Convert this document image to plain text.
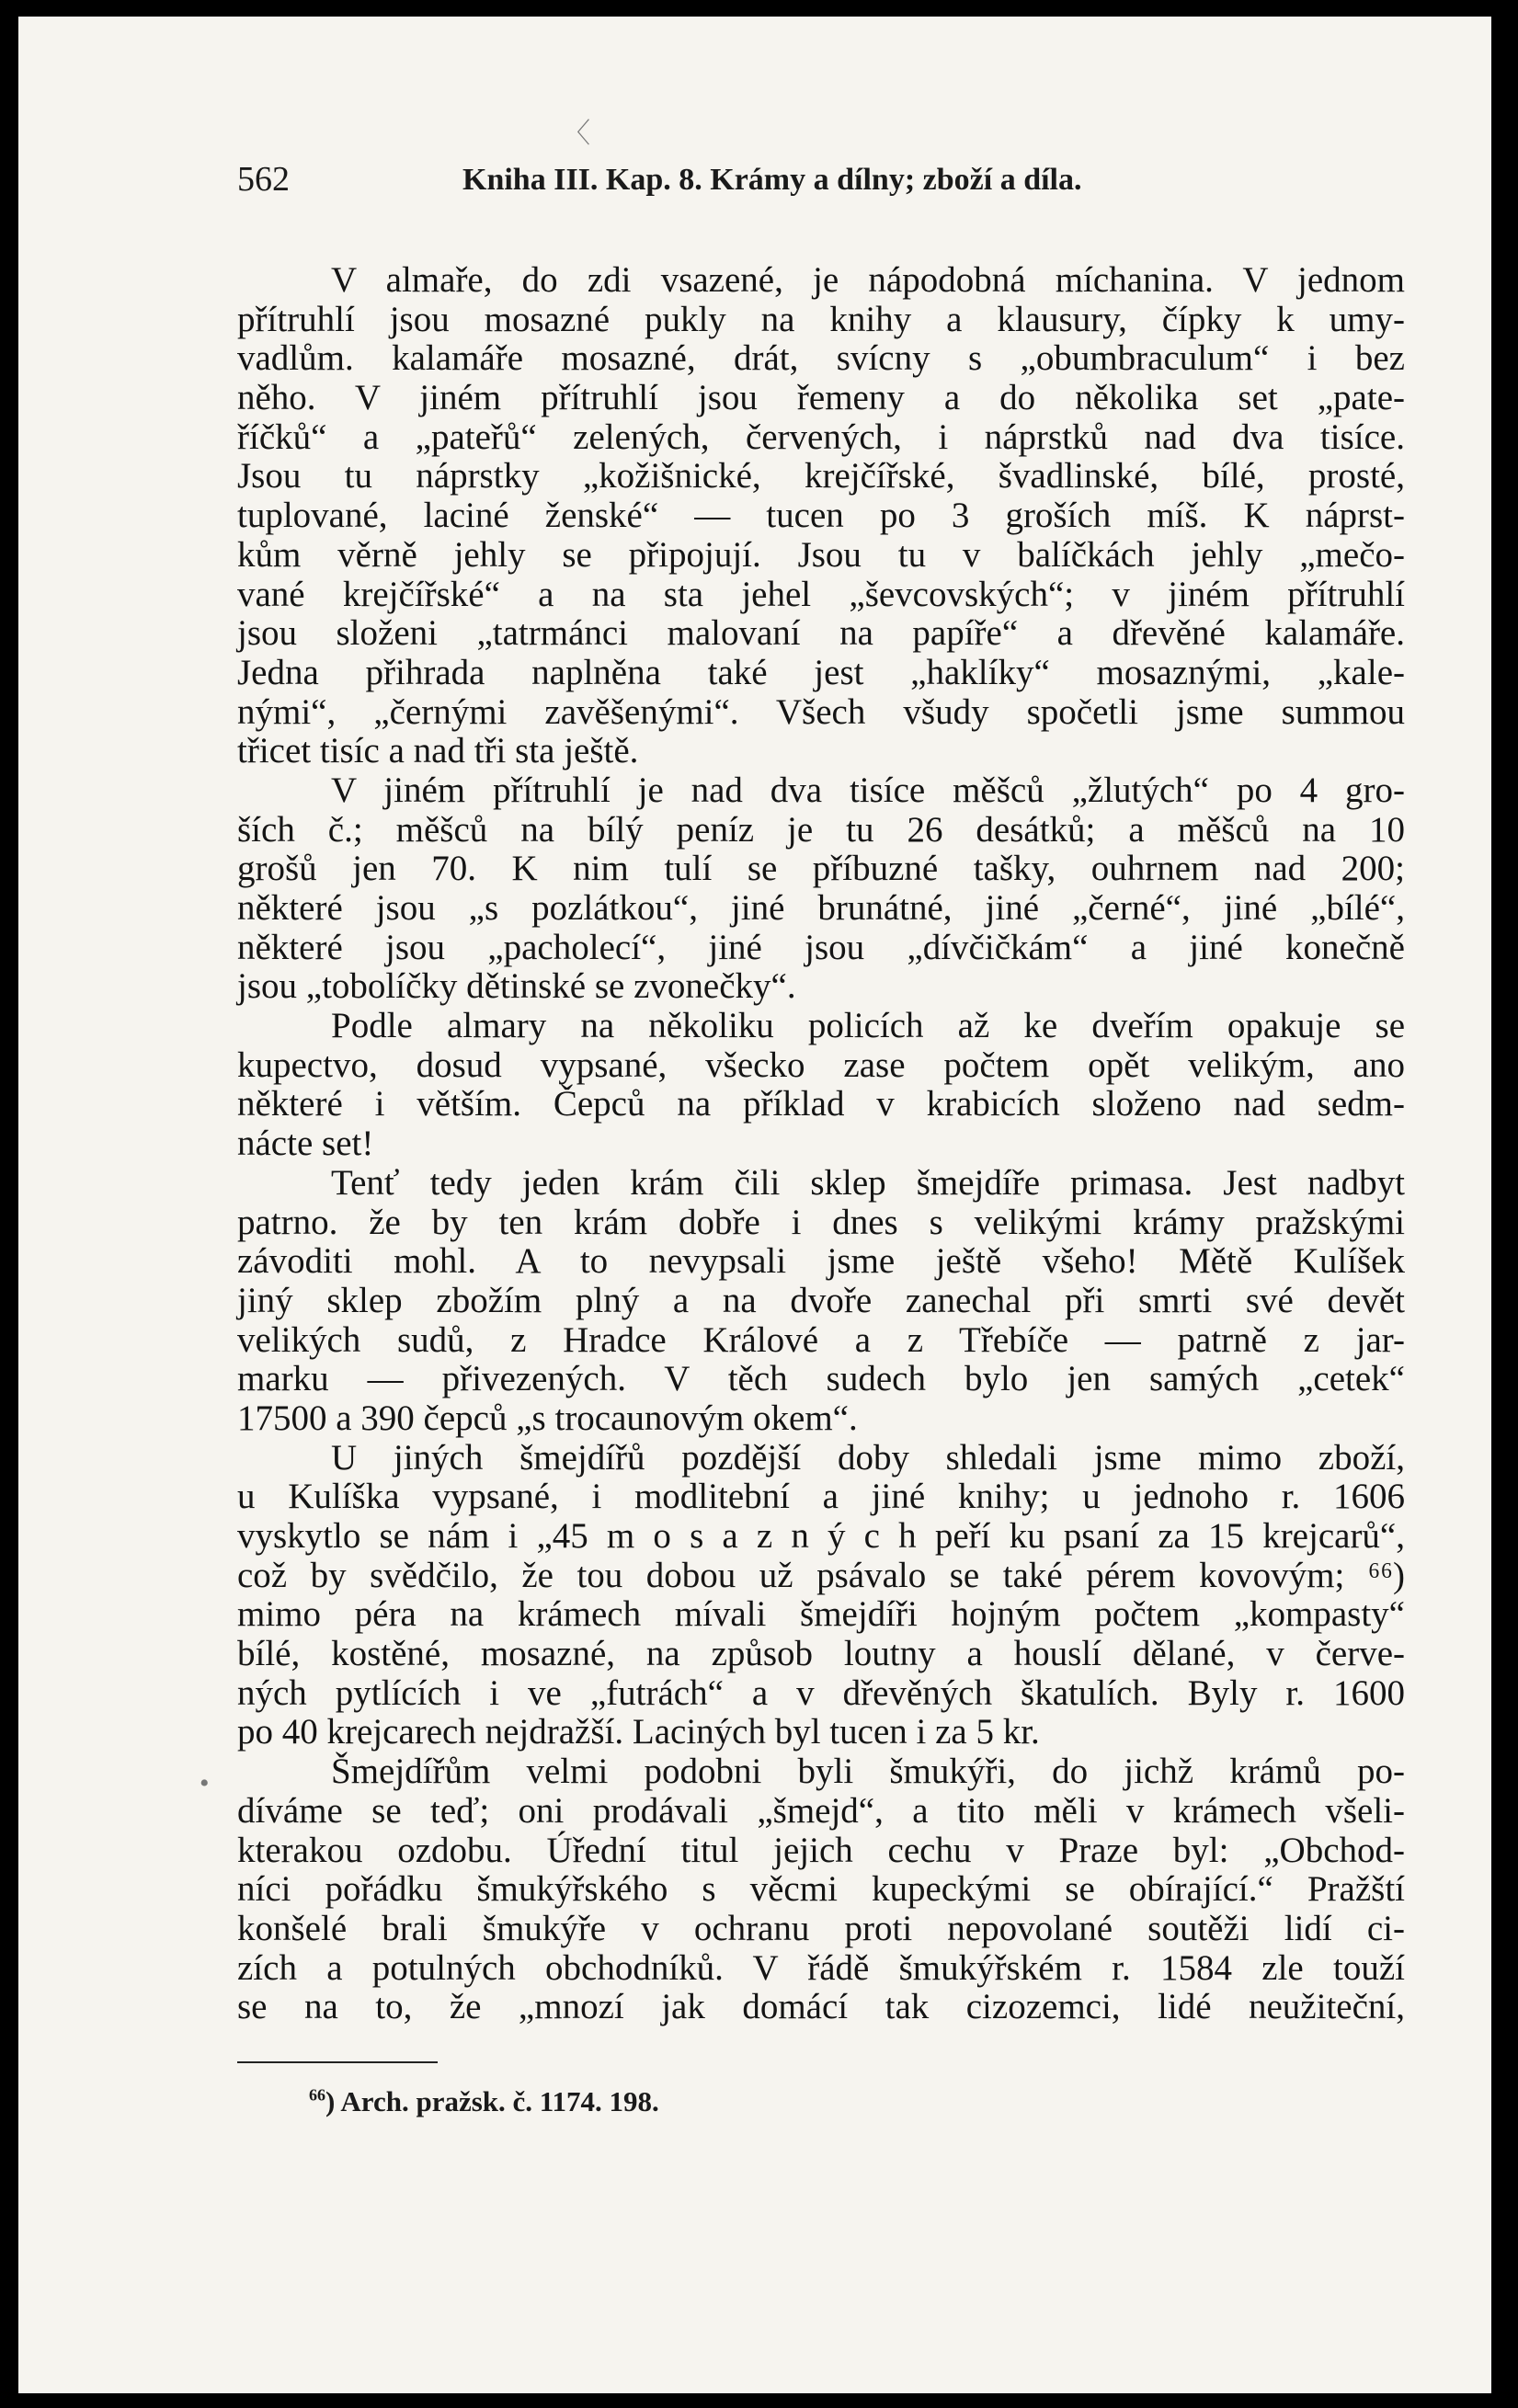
562	Kniha III. Kap. 8. Krámy a dílny; zboží a díla.
V almaře, do zdi vsazené, je nápodobná míchanina. V jednom
přítruhlí jsou mosazné pukly na knihy a klausury, čípky k umy-
vadlům. kalamáře mosazné, drát, svícny s „obumbraculum“ i bez
něho. V jiném přítruhlí jsou řemeny a do několika set „pate-
říčků“ a „pateřů“ zelených, červených, i náprstků nad dva tisíce.
Jsou tu náprstky „kožišnické, krejčířské, švadlinské, bílé, prosté,
tuplované, laciné ženské“ — tucen po 3 groších míš. K náprst-
kům věrně jehly se připojují. Jsou tu v balíčkách jehly „mečo-
vané krejčířské“ a na sta jehel „ševcovských“; v jiném přítruhlí
jsou složeni „tatrmánci malovaní na papíře“ a dřevěné kalamáře.
Jedna přihrada naplněna také jest „haklíky“ mosaznými, „kale-
nými“, „černými zavěšenými“. Všech všudy spočetli jsme summou
třicet tisíc a nad tři sta ještě.
V jiném přítruhlí je nad dva tisíce měšců „žlutých“ po 4 gro-
ších č.; měšců na bílý peníz je tu 26 desátků; a měšců na 10
grošů jen 70. K nim tulí se příbuzné tašky, ouhrnem nad 200;
některé jsou „s pozlátkou“, jiné brunátné, jiné „černé“, jiné „bílé“,
některé jsou „pacholecí“, jiné jsou „dívčičkám“ a jiné konečně
jsou „tobolíčky dětinské se zvonečky“.
Podle almary na několiku policích až ke dveřím opakuje se
kupectvo, dosud vypsané, všecko zase počtem opět velikým, ano
některé i větším. Čepců na příklad v krabicích složeno nad sedm-
náctе set!
Tenť tedy jeden krám čili sklep šmejdíře primasa. Jest nadbyt
patrno. že by ten krám dobře i dnes s velikými krámy pražskými
závoditi mohl. A to nevypsali jsme ještě všeho! Mětě Kulíšek
jiný sklep zbožím plný a na dvoře zanechal při smrti své devět
velikých sudů, z Hradce Králové a z Třebíče — patrně z jar-
marku — přivezených. V těch sudech bylo jen samých „cetek“
17500 a 390 čepců „s trocaunovým okem“.
U jiných šmejdířů pozdější doby shledali jsme mimo zboží,
u Kulíška vypsané, i modlitební a jiné knihy; u jednoho r. 1606
vyskytlo se nám i „45 m o s a z n ý c h peří ku psaní za 15 krejcarů“,
což by svědčilo, že tou dobou už psávalo se také pérem kovovým; ⁶⁶)
mimo péra na krámech mívali šmejdíři hojným počtem „kompasty“
bílé, kostěné, mosazné, na způsob loutny a houslí dělané, v červe-
ných pytlících i ve „futrách“ a v dřevěných škatulích. Byly r. 1600
po 40 krejcarech nejdražší. Laciných byl tucen i za 5 kr.
Šmejdířům velmi podobni byli šmukýři, do jichž krámů po-
díváme se teď; oni prodávali „šmejd“, a tito měli v krámech všeli-
kterakou ozdobu. Úřední titul jejich cechu v Praze byl: „Obchod-
níci pořádku šmukýřského s věcmi kupeckými se obírající.“ Pražští
konšelé brali šmukýře v ochranu proti nepovolané soutěži lidí ci-
zích a potulných obchodníků. V řádě šmukýřském r. 1584 zle touží
se na to, že „mnozí jak domácí tak cizozemci, lidé neužiteční,
$^{66}$) Arch. pražsk. č. 1174. 198.
〈
•
